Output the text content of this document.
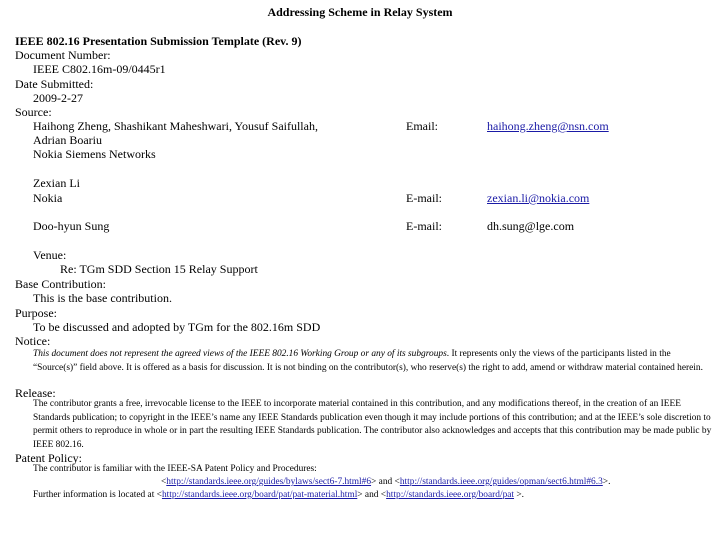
Addressing Scheme in Relay System
IEEE 802.16 Presentation Submission Template (Rev. 9)
Document Number:
IEEE C802.16m-09/0445r1
Date Submitted:
2009-2-27
Source:
Haihong Zheng, Shashikant Maheshwari, Yousuf Saifullah,
Adrian Boariu
Nokia Siemens Networks
Email:	haihong.zheng@nsn.com
Zexian Li
Nokia	E-mail:	zexian.li@nokia.com
Doo-hyun Sung	E-mail:	dh.sung@lge.com
Venue:
Re: TGm SDD Section 15 Relay Support
Base Contribution:
This is the base contribution.
Purpose:
To be discussed and adopted by TGm for the 802.16m SDD
Notice:
This document does not represent the agreed views of the IEEE 802.16 Working Group or any of its subgroups. It represents only the views of the participants listed in the “Source(s)” field above. It is offered as a basis for discussion. It is not binding on the contributor(s), who reserve(s) the right to add, amend or withdraw material contained herein.
Release:
The contributor grants a free, irrevocable license to the IEEE to incorporate material contained in this contribution, and any modifications thereof, in the creation of an IEEE Standards publication; to copyright in the IEEE’s name any IEEE Standards publication even though it may include portions of this contribution; and at the IEEE’s sole discretion to permit others to reproduce in whole or in part the resulting IEEE Standards publication. The contributor also acknowledges and accepts that this contribution may be made public by IEEE 802.16.
Patent Policy:
The contributor is familiar with the IEEE-SA Patent Policy and Procedures:
<http://standards.ieee.org/guides/bylaws/sect6-7.html#6> and <http://standards.ieee.org/guides/opman/sect6.html#6.3>.
Further information is located at <http://standards.ieee.org/board/pat/pat-material.html> and <http://standards.ieee.org/board/pat >.
